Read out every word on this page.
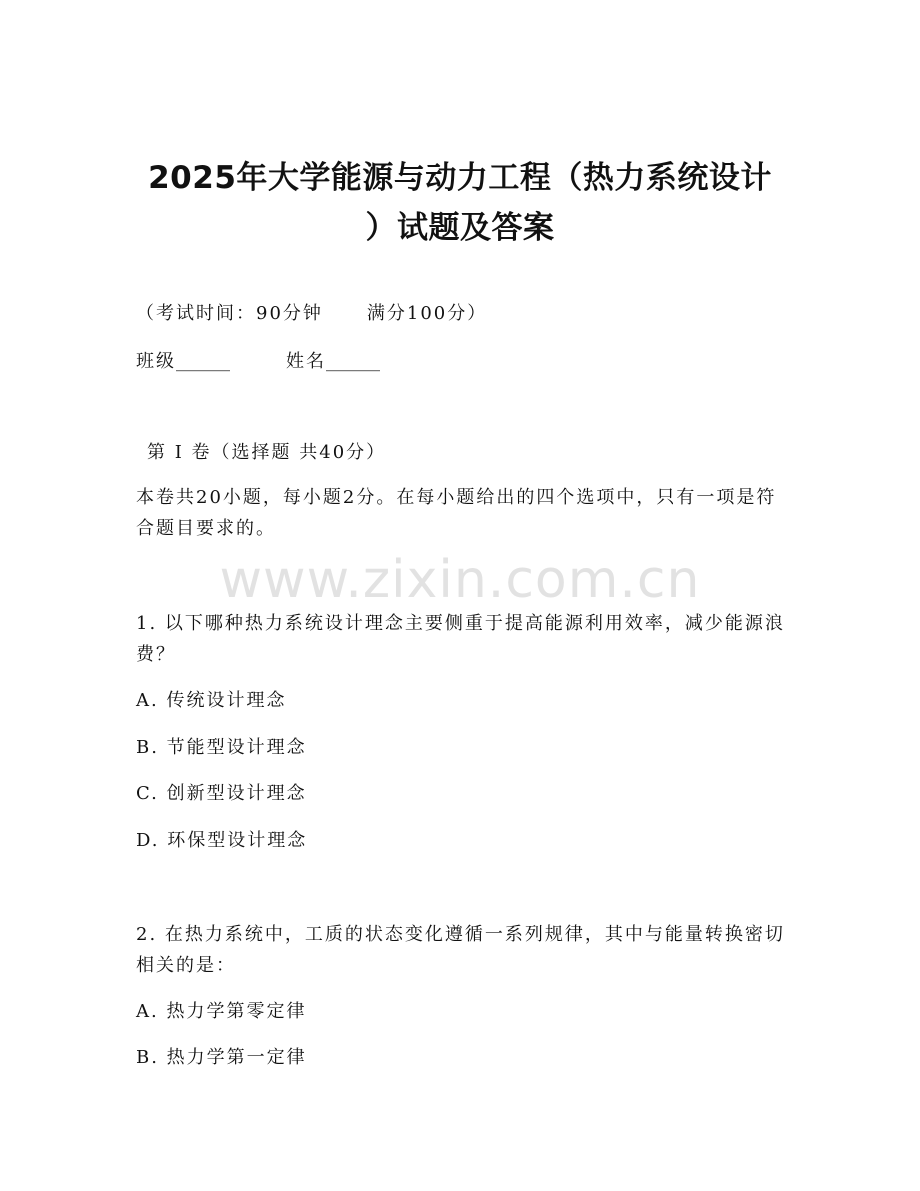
2025年大学能源与动力工程（热力系统设计
）试题及答案
（考试时间：90分钟 满分100分）
班级______	姓名______
第 I 卷（选择题 共40分）

本卷共20小题，每小题2分。在每小题给出的四个选项中，只有一项是符合题目要求的。

www.zixin.com.cn

1. 以下哪种热力系统设计理念主要侧重于提高能源利用效率，减少能源浪费？

A. 传统设计理念
B. 节能型设计理念
C. 创新型设计理念
D. 环保型设计理念

2. 在热力系统中，工质的状态变化遵循一系列规律，其中与能量转换密切相关的是：

A. 热力学第零定律
B. 热力学第一定律
